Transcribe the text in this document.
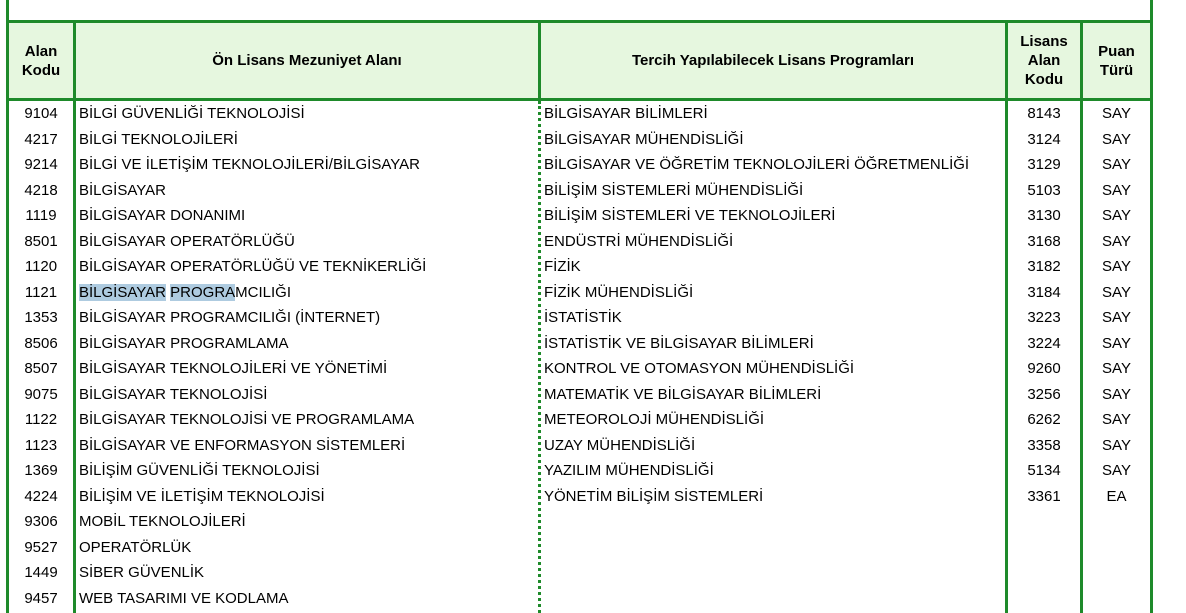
Alan Kodu
Ön Lisans Mezuniyet Alanı	Tercih Yapılabilecek Lisans Programları
Lisans Alan Kodu
Puan Türü
9104
4217
9214
4218
1119
8501
1120
1121
1353
8506
8507
9075
1122
1123
1369
4224
9306
9527
1449
9457
BİLGİ GÜVENLİĞİ TEKNOLOJİSİ
BİLGİ TEKNOLOJİLERİ
BİLGİ VE İLETİŞİM TEKNOLOJİLERİ/BİLGİSAYAR
BİLGİSAYAR
BİLGİSAYAR DONANIMI
BİLGİSAYAR OPERATÖRLÜĞÜ
BİLGİSAYAR OPERATÖRLÜĞÜ VE TEKNİKERLİĞİ
BİLGİSAYAR PROGRAMCILIĞI
BİLGİSAYAR PROGRAMCILIĞI (İNTERNET)
BİLGİSAYAR PROGRAMLAMA
BİLGİSAYAR TEKNOLOJİLERİ VE YÖNETİMİ
BİLGİSAYAR TEKNOLOJİSİ
BİLGİSAYAR TEKNOLOJİSİ VE PROGRAMLAMA
BİLGİSAYAR VE ENFORMASYON SİSTEMLERİ
BİLİŞİM GÜVENLİĞİ TEKNOLOJİSİ
BİLİŞİM VE İLETİŞİM TEKNOLOJİSİ
MOBİL TEKNOLOJİLERİ
OPERATÖRLÜK
SİBER GÜVENLİK
WEB TASARIMI VE KODLAMA
BİLGİSAYAR BİLİMLERİ
BİLGİSAYAR MÜHENDİSLİĞİ
BİLGİSAYAR VE ÖĞRETİM TEKNOLOJİLERİ ÖĞRETMENLİĞİ
BİLİŞİM SİSTEMLERİ MÜHENDİSLİĞİ
BİLİŞİM SİSTEMLERİ VE TEKNOLOJİLERİ
ENDÜSTRİ MÜHENDİSLİĞİ
FİZİK
FİZİK MÜHENDİSLİĞİ
İSTATİSTİK
İSTATİSTİK VE BİLGİSAYAR BİLİMLERİ
KONTROL VE OTOMASYON MÜHENDİSLİĞİ
MATEMATİK VE BİLGİSAYAR BİLİMLERİ
METEOROLOJİ MÜHENDİSLİĞİ
UZAY MÜHENDİSLİĞİ
YAZILIM MÜHENDİSLİĞİ
YÖNETİM BİLİŞİM SİSTEMLERİ
8143
3124
3129
5103
3130
3168
3182
3184
3223
3224
9260
3256
6262
3358
5134
3361
SAY
SAY
SAY
SAY
SAY
SAY
SAY
SAY
SAY
SAY
SAY
SAY
SAY
SAY
SAY
EA
